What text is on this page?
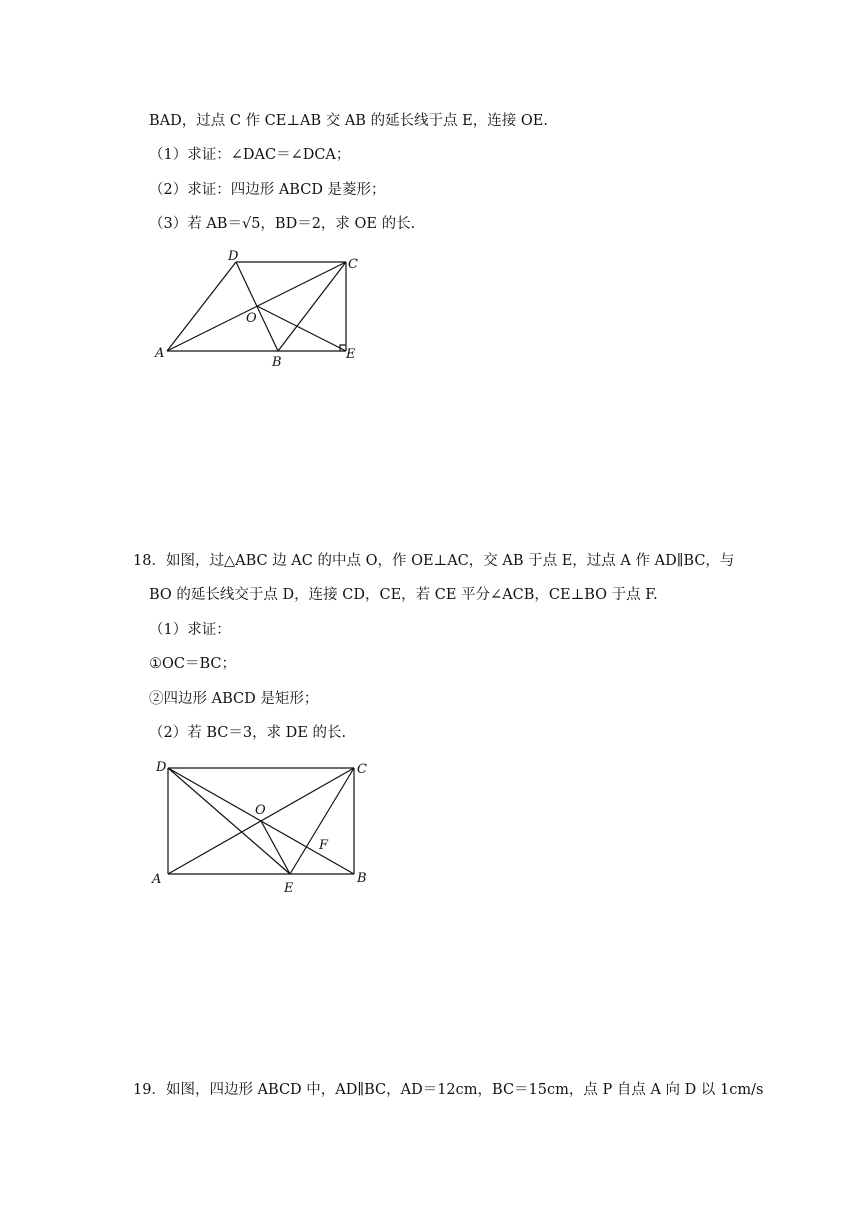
BAD，过点 C 作 CE⊥AB 交 AB 的延长线于点 E，连接 OE.
（1）求证：∠DAC＝∠DCA；
（2）求证：四边形 ABCD 是菱形；
（3）若 AB＝√5，BD＝2，求 OE 的长.
D
C
O
A
B
E
18．如图，过△ABC 边 AC 的中点 O，作 OE⊥AC，交 AB 于点 E，过点 A 作 AD∥BC，与
BO 的延长线交于点 D，连接 CD，CE，若 CE 平分∠ACB，CE⊥BO 于点 F.
（1）求证：
①OC＝BC；
②四边形 ABCD 是矩形；
（2）若 BC＝3，求 DE 的长.
D	C
O
F
A
E
B
19．如图，四边形 ABCD 中，AD∥BC，AD＝12cm，BC＝15cm，点 P 自点 A 向 D 以 1cm/s
